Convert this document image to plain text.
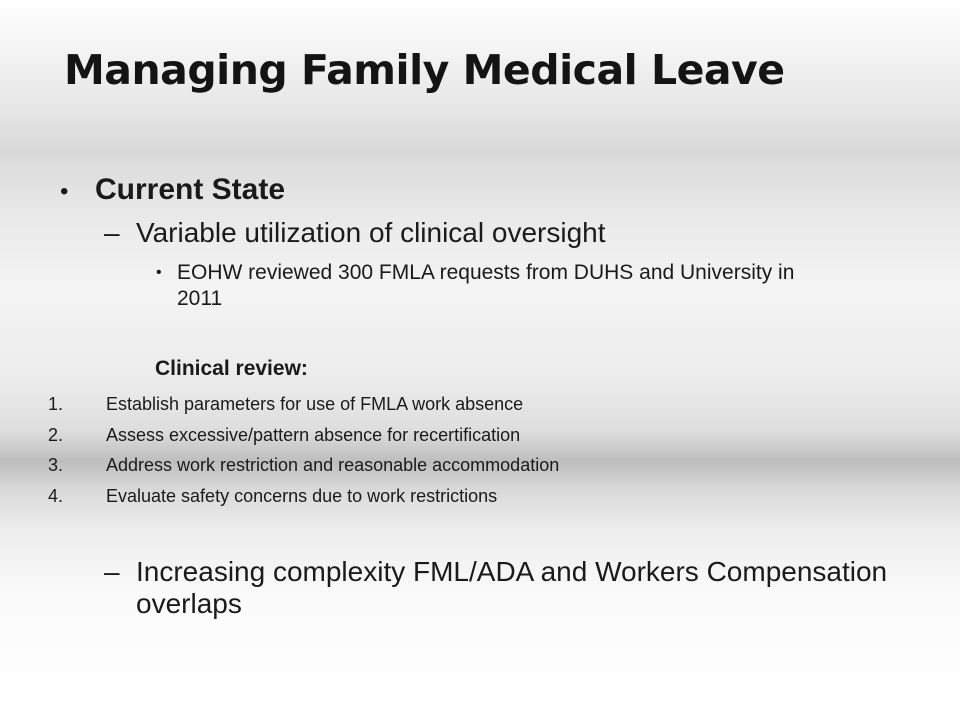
Managing Family Medical Leave
• Current State
– Variable utilization of clinical oversight
• EOHW reviewed 300 FMLA requests from DUHS and University in 2011
Clinical review:
1. Establish parameters for use of FMLA work absence
2. Assess excessive/pattern absence for recertification
3. Address work restriction and reasonable accommodation
4. Evaluate safety concerns due to work restrictions
– Increasing complexity FML/ADA and Workers Compensation overlaps
